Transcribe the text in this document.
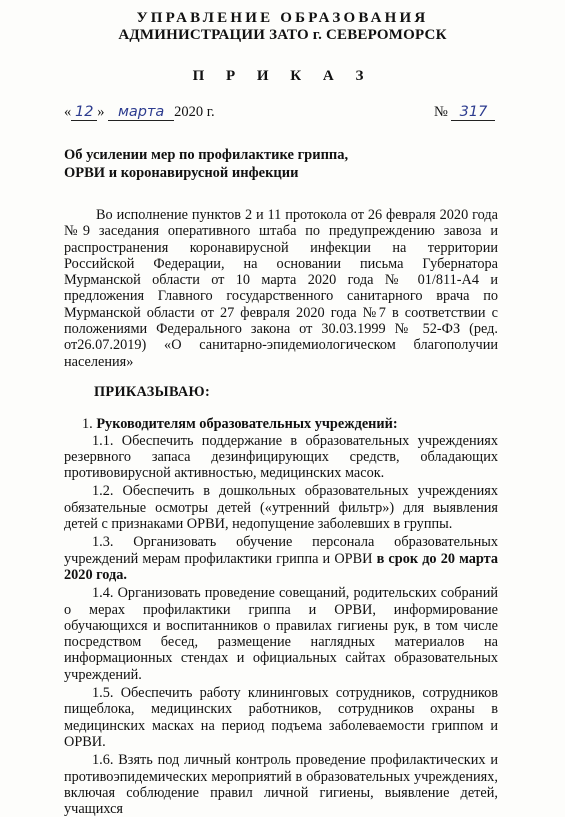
УПРАВЛЕНИЕ ОБРАЗОВАНИЯ
АДМИНИСТРАЦИИ ЗАТО г. СЕВЕРОМОРСК
П Р И К А З
« 12 » марта 2020 г.	№ 317
Об усилении мер по профилактике гриппа,
ОРВИ и коронавирусной инфекции

Во исполнение пунктов 2 и 11 протокола от 26 февраля 2020 года №9 заседания оперативного штаба по предупреждению завоза и распространения коронавирусной инфекции на территории Российской Федерации, на основании письма Губернатора Мурманской области от 10 марта 2020 года № 01/811-А4 и предложения Главного государственного санитарного врача по Мурманской области от 27 февраля 2020 года №7 в соответствии с положениями Федерального закона от 30.03.1999 № 52-ФЗ (ред. от26.07.2019) «О санитарно-эпидемиологическом благополучии населения»

ПРИКАЗЫВАЮ:

1. Руководителям образовательных учреждений:

1.1. Обеспечить поддержание в образовательных учреждениях резервного запаса дезинфицирующих средств, обладающих противовирусной активностью, медицинских масок.

1.2. Обеспечить в дошкольных образовательных учреждениях обязательные осмотры детей («утренний фильтр») для выявления детей с признаками ОРВИ, недопущение заболевших в группы.

1.3. Организовать обучение персонала образовательных учреждений мерам профилактики гриппа и ОРВИ в срок до 20 марта 2020 года.

1.4. Организовать проведение совещаний, родительских собраний о мерах профилактики гриппа и ОРВИ, информирование обучающихся и воспитанников о правилах гигиены рук, в том числе посредством бесед, размещение наглядных материалов на информационных стендах и официальных сайтах образовательных учреждений.

1.5. Обеспечить работу клининговых сотрудников, сотрудников пищеблока, медицинских работников, сотрудников охраны в медицинских масках на период подъема заболеваемости гриппом и ОРВИ.

1.6. Взять под личный контроль проведение профилактических и противоэпидемических мероприятий в образовательных учреждениях, включая соблюдение правил личной гигиены, выявление детей, учащихся
